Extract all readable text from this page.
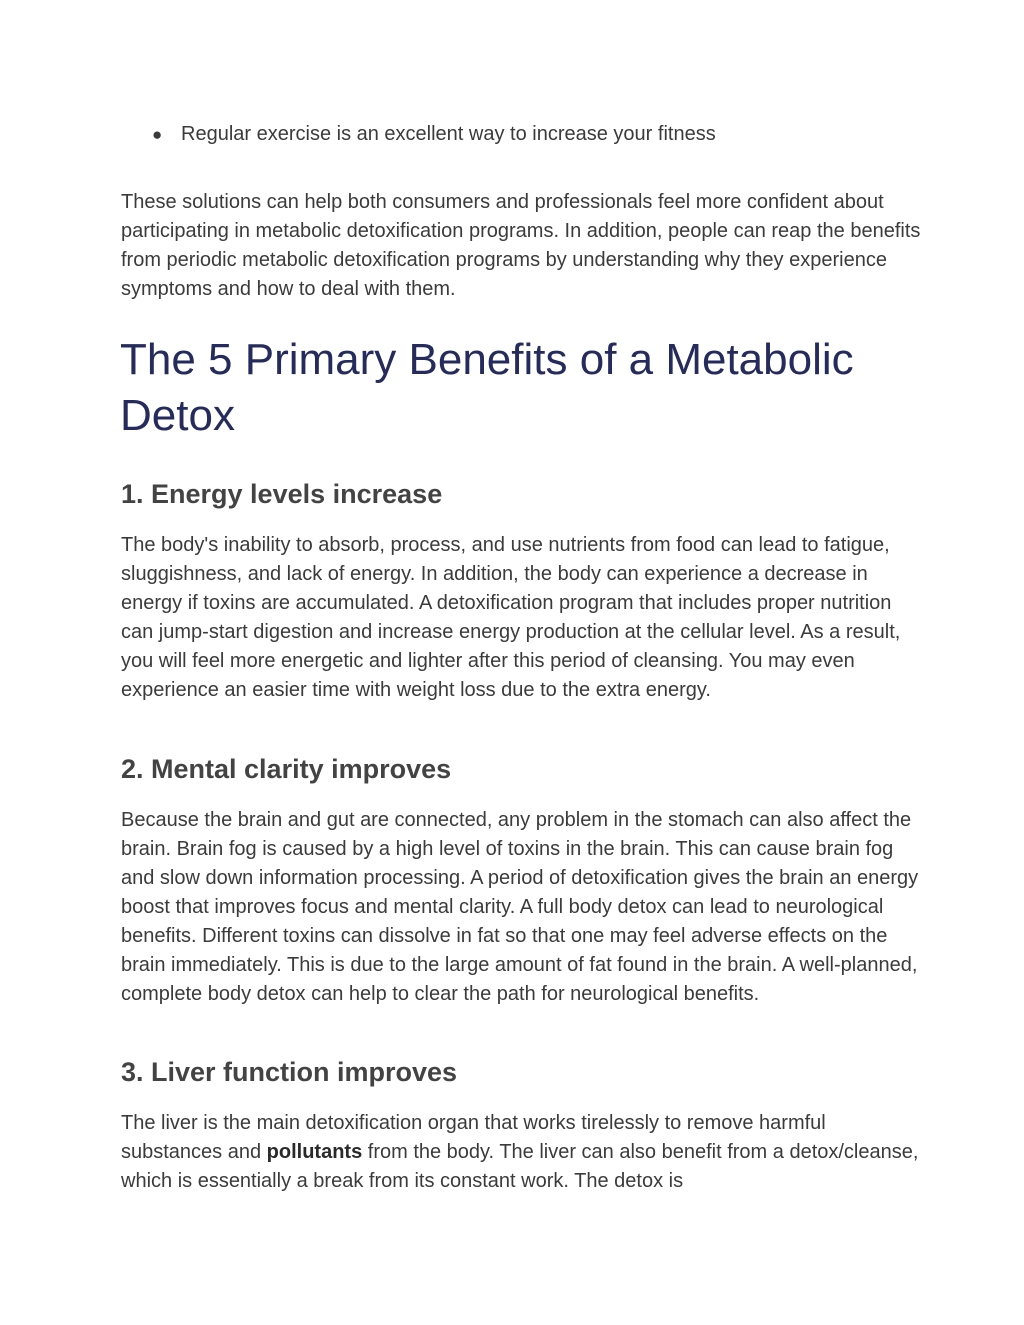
● Regular exercise is an excellent way to increase your fitness

These solutions can help both consumers and professionals feel more confident about participating in metabolic detoxification programs. In addition, people can reap the benefits from periodic metabolic detoxification programs by understanding why they experience symptoms and how to deal with them.

The 5 Primary Benefits of a Metabolic Detox
1. Energy levels increase

The body's inability to absorb, process, and use nutrients from food can lead to fatigue, sluggishness, and lack of energy. In addition, the body can experience a decrease in energy if toxins are accumulated. A detoxification program that includes proper nutrition can jump-start digestion and increase energy production at the cellular level. As a result, you will feel more energetic and lighter after this period of cleansing. You may even experience an easier time with weight loss due to the extra energy.

2. Mental clarity improves

Because the brain and gut are connected, any problem in the stomach can also affect the brain. Brain fog is caused by a high level of toxins in the brain. This can cause brain fog and slow down information processing. A period of detoxification gives the brain an energy boost that improves focus and mental clarity. A full body detox can lead to neurological benefits. Different toxins can dissolve in fat so that one may feel adverse effects on the brain immediately. This is due to the large amount of fat found in the brain. A well-planned, complete body detox can help to clear the path for neurological benefits.

3. Liver function improves

The liver is the main detoxification organ that works tirelessly to remove harmful substances and pollutants from the body. The liver can also benefit from a detox/cleanse, which is essentially a break from its constant work. The detox is
